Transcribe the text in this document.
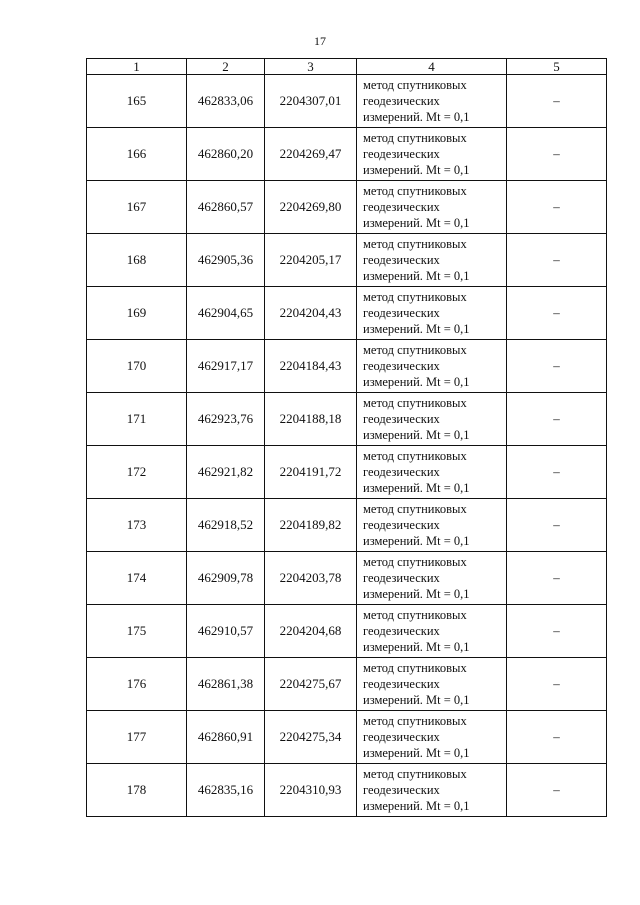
17
1	2	3	4	5
165	462833,06	2204307,01	метод спутниковых
геодезических
измерений. Mt = 0,1	–
166	462860,20	2204269,47	метод спутниковых
геодезических
измерений. Mt = 0,1	–
167	462860,57	2204269,80	метод спутниковых
геодезических
измерений. Mt = 0,1	–
168	462905,36	2204205,17	метод спутниковых
геодезических
измерений. Mt = 0,1	–
169	462904,65	2204204,43	метод спутниковых
геодезических
измерений. Mt = 0,1	–
170	462917,17	2204184,43	метод спутниковых
геодезических
измерений. Mt = 0,1	–
171	462923,76	2204188,18	метод спутниковых
геодезических
измерений. Mt = 0,1	–
172	462921,82	2204191,72	метод спутниковых
геодезических
измерений. Mt = 0,1	–
173	462918,52	2204189,82	метод спутниковых
геодезических
измерений. Mt = 0,1	–
174	462909,78	2204203,78	метод спутниковых
геодезических
измерений. Mt = 0,1	–
175	462910,57	2204204,68	метод спутниковых
геодезических
измерений. Mt = 0,1	–
176	462861,38	2204275,67	метод спутниковых
геодезических
измерений. Mt = 0,1	–
177	462860,91	2204275,34	метод спутниковых
геодезических
измерений. Mt = 0,1	–
178	462835,16	2204310,93	метод спутниковых
геодезических
измерений. Mt = 0,1	–
